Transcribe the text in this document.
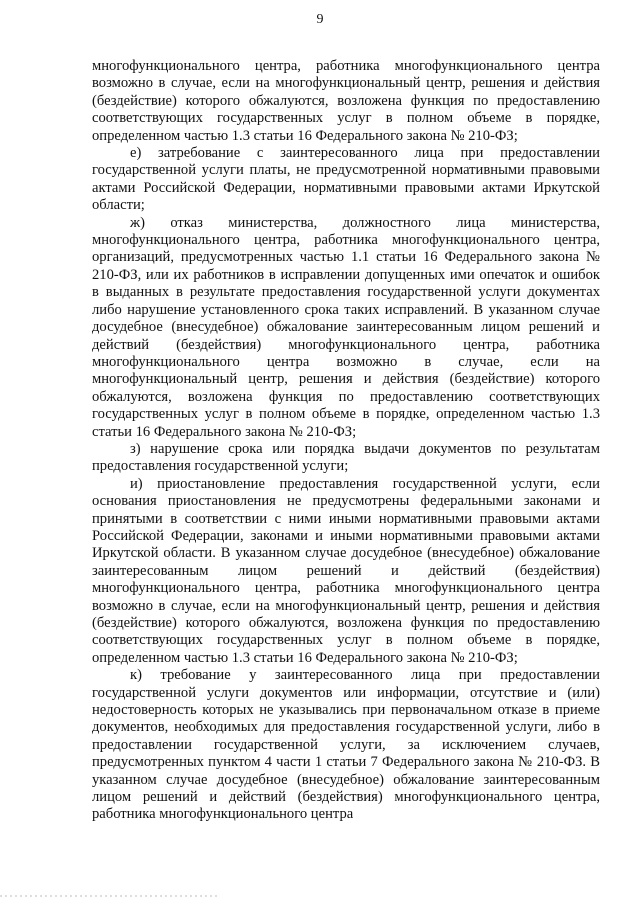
9

многофункционального центра, работника многофункционального центра возможно в случае, если на многофункциональный центр, решения и действия (бездействие) которого обжалуются, возложена функция по предоставлению соответствующих государственных услуг в полном объеме в порядке, определенном частью 1.3 статьи 16 Федерального закона № 210-ФЗ;

е) затребование с заинтересованного лица при предоставлении государственной услуги платы, не предусмотренной нормативными правовыми актами Российской Федерации, нормативными правовыми актами Иркутской области;

ж) отказ министерства, должностного лица министерства, многофункционального центра, работника многофункционального центра, организаций, предусмотренных частью 1.1 статьи 16 Федерального закона № 210-ФЗ, или их работников в исправлении допущенных ими опечаток и ошибок в выданных в результате предоставления государственной услуги документах либо нарушение установленного срока таких исправлений. В указанном случае досудебное (внесудебное) обжалование заинтересованным лицом решений и действий (бездействия) многофункционального центра, работника многофункционального центра возможно в случае, если на многофункциональный центр, решения и действия (бездействие) которого обжалуются, возложена функция по предоставлению соответствующих государственных услуг в полном объеме в порядке, определенном частью 1.3 статьи 16 Федерального закона № 210-ФЗ;

з) нарушение срока или порядка выдачи документов по результатам предоставления государственной услуги;

и) приостановление предоставления государственной услуги, если основания приостановления не предусмотрены федеральными законами и принятыми в соответствии с ними иными нормативными правовыми актами Российской Федерации, законами и иными нормативными правовыми актами Иркутской области. В указанном случае досудебное (внесудебное) обжалование заинтересованным лицом решений и действий (бездействия) многофункционального центра, работника многофункционального центра возможно в случае, если на многофункциональный центр, решения и действия (бездействие) которого обжалуются, возложена функция по предоставлению соответствующих государственных услуг в полном объеме в порядке, определенном частью 1.3 статьи 16 Федерального закона № 210-ФЗ;

к) требование у заинтересованного лица при предоставлении государственной услуги документов или информации, отсутствие и (или) недостоверность которых не указывались при первоначальном отказе в приеме документов, необходимых для предоставления государственной услуги, либо в предоставлении государственной услуги, за исключением случаев, предусмотренных пунктом 4 части 1 статьи 7 Федерального закона № 210-ФЗ. В указанном случае досудебное (внесудебное) обжалование заинтересованным лицом решений и действий (бездействия) многофункционального центра, работника многофункционального центра
